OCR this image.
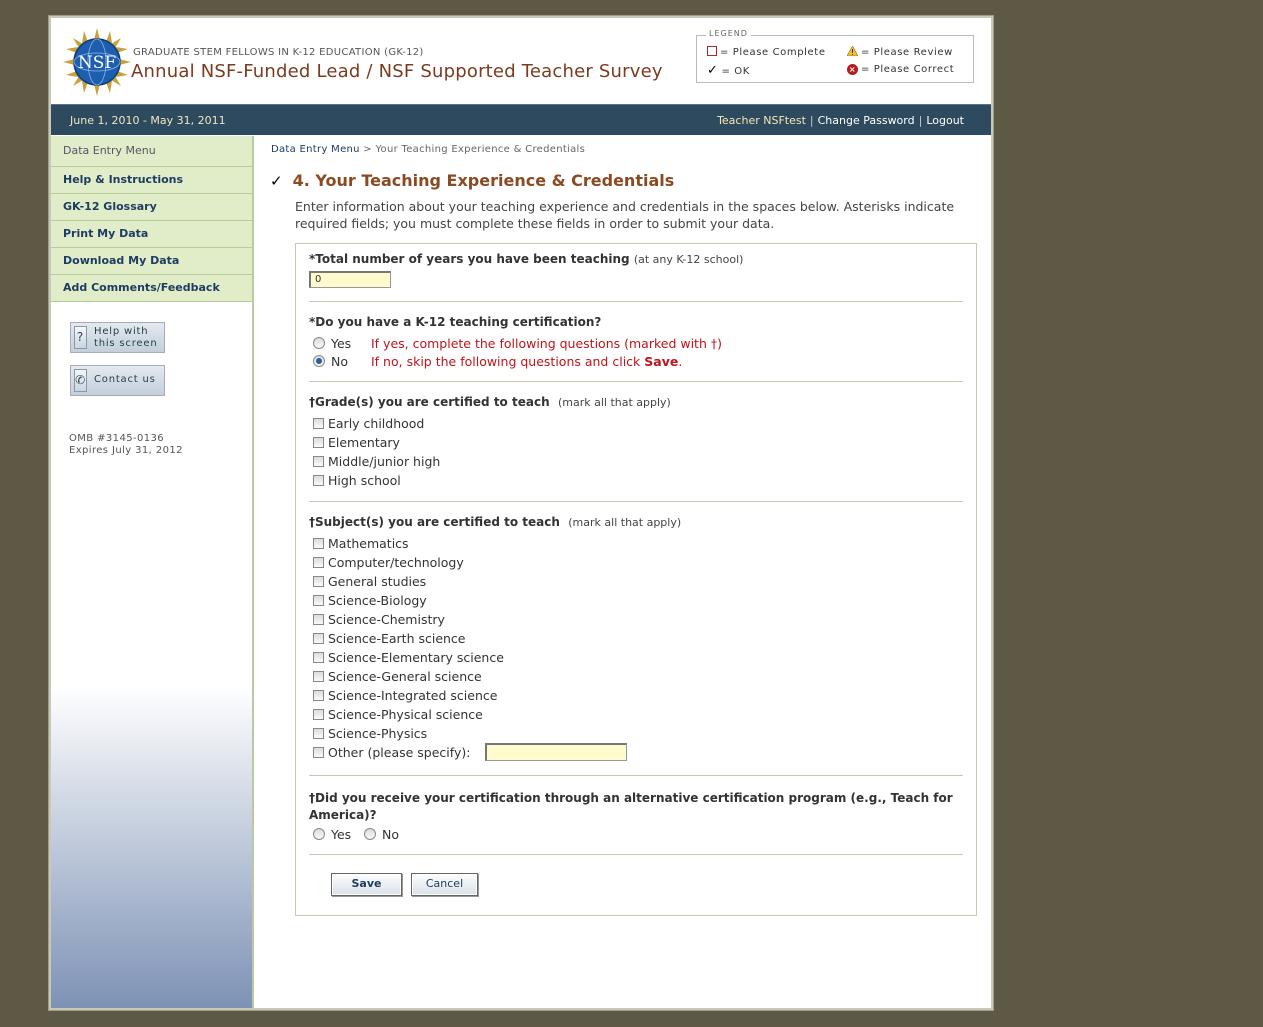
NSF
GRADUATE STEM FELLOWS IN K-12 EDUCATION (GK-12)
Annual NSF-Funded Lead / NSF Supported Teacher Survey
LEGEND
= Please Complete	= Please Review
✓ = OK	× = Please Correct
June 1, 2010 - May 31, 2011	Teacher NSFtest | Change Password | Logout
Data Entry Menu
Help & Instructions
GK-12 Glossary
Print My Data
Download My Data
Add Comments/Feedback
? Help with
this screen
✆ Contact us
OMB #3145-0136
Expires July 31, 2012
Data Entry Menu > Your Teaching Experience & Credentials
✓ 4. Your Teaching Experience & Credentials
Enter information about your teaching experience and credentials in the spaces below. Asterisks indicate required fields; you must complete these fields in order to submit your data.
*Total number of years you have been teaching (at any K-12 school)
0
*Do you have a K-12 teaching certification?
Yes If yes, complete the following questions (marked with †)
No If no, skip the following questions and click Save.
†Grade(s) you are certified to teach (mark all that apply)
Early childhood
Elementary
Middle/junior high
High school
†Subject(s) you are certified to teach (mark all that apply)
Mathematics
Computer/technology
General studies
Science-Biology
Science-Chemistry
Science-Earth science
Science-Elementary science
Science-General science
Science-Integrated science
Science-Physical science
Science-Physics
Other (please specify):
†Did you receive your certification through an alternative certification program (e.g., Teach for
America)?
Yes	No
Save	Cancel
